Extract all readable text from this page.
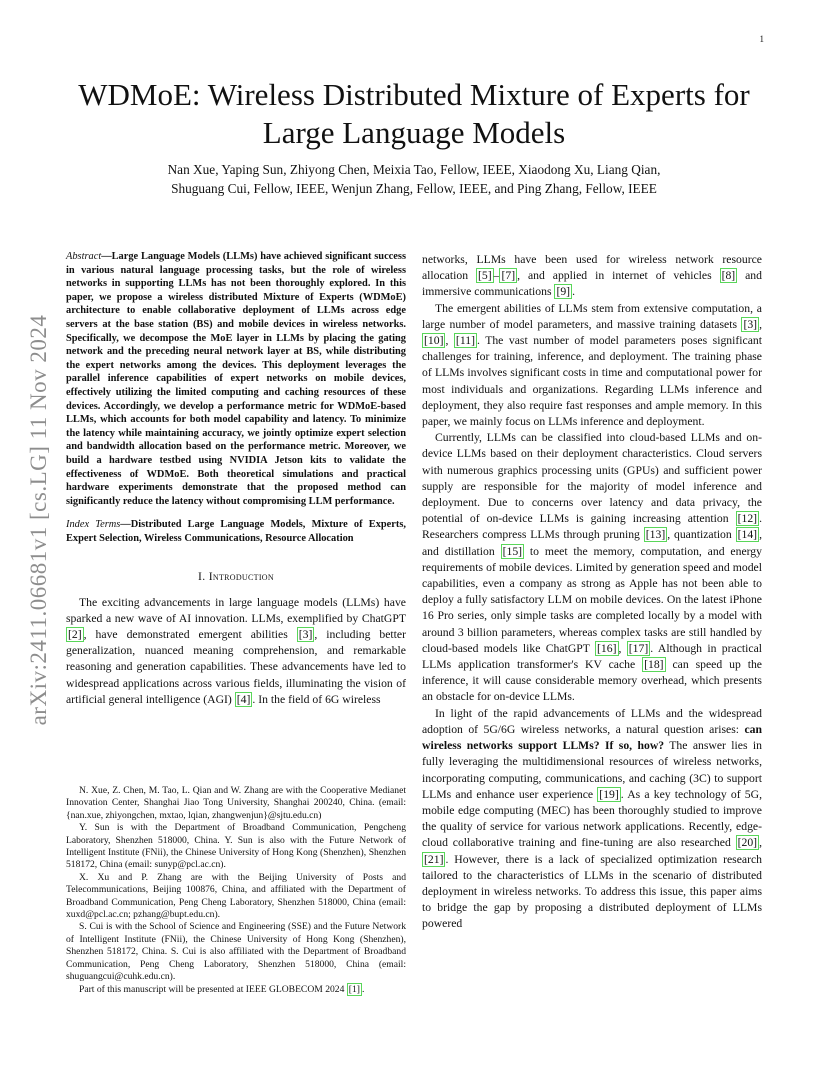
1
arXiv:2411.06681v1 [cs.LG] 11 Nov 2024
WDMoE: Wireless Distributed Mixture of Experts for Large Language Models
Nan Xue, Yaping Sun, Zhiyong Chen, Meixia Tao, Fellow, IEEE, Xiaodong Xu, Liang Qian,
Shuguang Cui, Fellow, IEEE, Wenjun Zhang, Fellow, IEEE, and Ping Zhang, Fellow, IEEE

Abstract—Large Language Models (LLMs) have achieved significant success in various natural language processing tasks, but the role of wireless networks in supporting LLMs has not been thoroughly explored. In this paper, we propose a wireless distributed Mixture of Experts (WDMoE) architecture to enable collaborative deployment of LLMs across edge servers at the base station (BS) and mobile devices in wireless networks. Specifically, we decompose the MoE layer in LLMs by placing the gating network and the preceding neural network layer at BS, while distributing the expert networks among the devices. This deployment leverages the parallel inference capabilities of expert networks on mobile devices, effectively utilizing the limited computing and caching resources of these devices. Accordingly, we develop a performance metric for WDMoE-based LLMs, which accounts for both model capability and latency. To minimize the latency while maintaining accuracy, we jointly optimize expert selection and bandwidth allocation based on the performance metric. Moreover, we build a hardware testbed using NVIDIA Jetson kits to validate the effectiveness of WDMoE. Both theoretical simulations and practical hardware experiments demonstrate that the proposed method can significantly reduce the latency without compromising LLM performance.

Index Terms—Distributed Large Language Models, Mixture of Experts, Expert Selection, Wireless Communications, Resource Allocation

I. Introduction

The exciting advancements in large language models (LLMs) have sparked a new wave of AI innovation. LLMs, exemplified by ChatGPT [2] , have demonstrated emergent abilities [3] , including better generalization, nuanced meaning comprehension, and remarkable reasoning and generation capabilities. These advancements have led to widespread applications across various fields, illuminating the vision of artificial general intelligence (AGI) [4] . In the field of 6G wireless

N. Xue, Z. Chen, M. Tao, L. Qian and W. Zhang are with the Cooperative Medianet Innovation Center, Shanghai Jiao Tong University, Shanghai 200240, China. (email: {nan.xue, zhiyongchen, mxtao, lqian, zhangwenjun}@sjtu.edu.cn)

Y. Sun is with the Department of Broadband Communication, Pengcheng Laboratory, Shenzhen 518000, China. Y. Sun is also with the Future Network of Intelligent Institute (FNii), the Chinese University of Hong Kong (Shenzhen), Shenzhen 518172, China (email: sunyp@pcl.ac.cn).

X. Xu and P. Zhang are with the Beijing University of Posts and Telecommunications, Beijing 100876, China, and affiliated with the Department of Broadband Communication, Peng Cheng Laboratory, Shenzhen 518000, China (email: xuxd@pcl.ac.cn; pzhang@bupt.edu.cn).

S. Cui is with the School of Science and Engineering (SSE) and the Future Network of Intelligent Institute (FNii), the Chinese University of Hong Kong (Shenzhen), Shenzhen 518172, China. S. Cui is also affiliated with the Department of Broadband Communication, Peng Cheng Laboratory, Shenzhen 518000, China (email: shuguangcui@cuhk.edu.cn).

Part of this manuscript will be presented at IEEE GLOBECOM 2024 [1] .

networks, LLMs have been used for wireless network resource allocation [5] – [7] , and applied in internet of vehicles [8] and immersive communications [9] .

The emergent abilities of LLMs stem from extensive computation, a large number of model parameters, and massive training datasets [3] , [10] , [11] . The vast number of model parameters poses significant challenges for training, inference, and deployment. The training phase of LLMs involves significant costs in time and computational power for most individuals and organizations. Regarding LLMs inference and deployment, they also require fast responses and ample memory. In this paper, we mainly focus on LLMs inference and deployment.

Currently, LLMs can be classified into cloud-based LLMs and on-device LLMs based on their deployment characteristics. Cloud servers with numerous graphics processing units (GPUs) and sufficient power supply are responsible for the majority of model inference and deployment. Due to concerns over latency and data privacy, the potential of on-device LLMs is gaining increasing attention [12] . Researchers compress LLMs through pruning [13] , quantization [14] , and distillation [15] to meet the memory, computation, and energy requirements of mobile devices. Limited by generation speed and model capabilities, even a company as strong as Apple has not been able to deploy a fully satisfactory LLM on mobile devices. On the latest iPhone 16 Pro series, only simple tasks are completed locally by a model with around 3 billion parameters, whereas complex tasks are still handled by cloud-based models like ChatGPT [16] , [17] . Although in practical LLMs application transformer's KV cache [18] can speed up the inference, it will cause considerable memory overhead, which presents an obstacle for on-device LLMs.

In light of the rapid advancements of LLMs and the widespread adoption of 5G/6G wireless networks, a natural question arises: can wireless networks support LLMs? If so, how? The answer lies in fully leveraging the multidimensional resources of wireless networks, incorporating computing, communications, and caching (3C) to support LLMs and enhance user experience [19] . As a key technology of 5G, mobile edge computing (MEC) has been thoroughly studied to improve the quality of service for various network applications. Recently, edge-cloud collaborative training and fine-tuning are also researched [20] , [21] . However, there is a lack of specialized optimization research tailored to the characteristics of LLMs in the scenario of distributed deployment in wireless networks. To address this issue, this paper aims to bridge the gap by proposing a distributed deployment of LLMs powered
